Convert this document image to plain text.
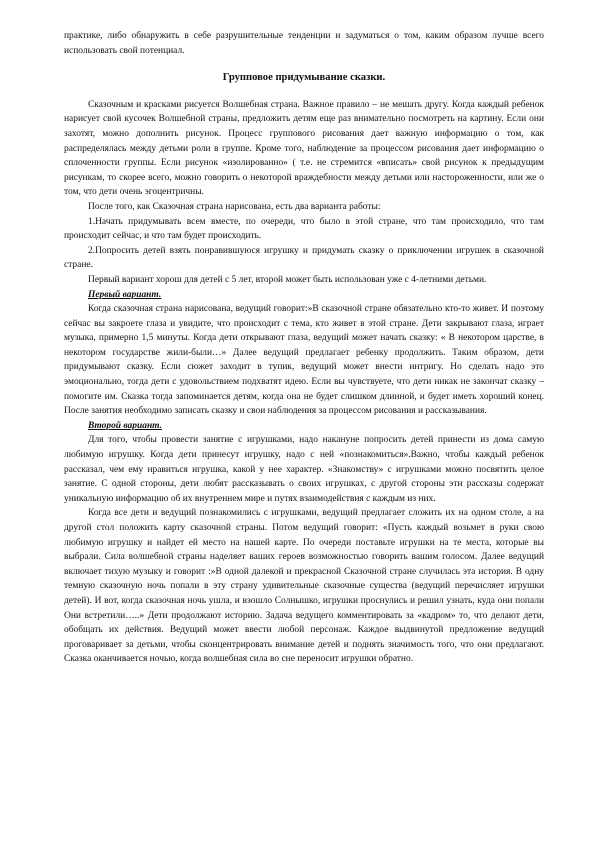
практике, либо обнаружить в себе разрушительные тенденции и задуматься о том, каким образом лучше всего использовать свой потенциал.

Групповое придумывание сказки.

Сказочным и красками рисуется Волшебная страна. Важное правило – не мешать другу. Когда каждый ребенок нарисует свой кусочек Волшебной страны, предложить детям еще раз внимательно посмотреть на картину. Если они захотят, можно дополнить рисунок. Процесс группового рисования дает важную информацию о том, как распределялась между детьми роли в группе. Кроме того, наблюдение за процессом рисования дает информацию о сплоченности группы. Если рисунок «изолированно» ( т.е. не стремится «вписать» свой рисунок к предыдущим рисункам, то скорее всего, можно говорить о некоторой враждебности между детьми или настороженности, или же о том, что дети очень эгоцентричны.

После того, как Сказочная страна нарисована, есть два варианта работы:

1.Начать придумывать всем вместе, по очереди, что было в этой стране, что там происходило, что там происходит сейчас, и что там будет происходить.

2.Попросить детей взять понравившуюся игрушку и придумать сказку о приключении игрушек в сказочной стране.

Первый вариант хорош для детей с 5 лет, второй может быть использован уже с 4-летними детьми.

Первый вариант.

Когда сказочная страна нарисована, ведущий говорит:»В сказочной стране обязательно кто-то живет. И поэтому сейчас вы закроете глаза и увидите, что происходит с тема, кто живет в этой стране. Дети закрывают глаза, играет музыка, примерно 1,5 минуты. Когда дети открывают глаза, ведущий может начать сказку: « В некотором царстве, в некотором государстве жили-были…» Далее ведущий предлагает ребенку продолжить. Таким образом, дети придумывают сказку. Если сюжет заходит в тупик, ведущий может внести интригу. Но сделать надо это эмоционально, тогда дети с удовольствием подхватят идею. Если вы чувствуете, что дети никак не закончат сказку – помогите им. Сказка тогда запоминается детям, когда она не будет слишком длинной, и будет иметь хороший конец. После занятия необходимо записать сказку и свои наблюдения за процессом рисования и рассказывания.

Второй вариант.

Для того, чтобы провести занятие с игрушками, надо накануне попросить детей принести из дома самую любимую игрушку. Когда дети принесут игрушку, надо с ней «познакомиться».Важно, чтобы каждый ребенок рассказал, чем ему нравиться игрушка, какой у нее характер. «Знакомству» с игрушками можно посвятить целое занятие. С одной стороны, дети любят рассказывать о своих игрушках, с другой стороны эти рассказы содержат уникальную информацию об их внутреннем мире и путях взаимодействия с каждым из них.

Когда все дети и ведущий познакомились с игрушками, ведущий предлагает сложить их на одном столе, а на другой стол положить карту сказочной страны. Потом ведущий говорит: «Пусть каждый возьмет в руки свою любимую игрушку и найдет ей место на нашей карте. По очереди поставьте игрушки на те места, которые вы выбрали. Сила волшебной страны наделяет ваших героев возможностью говорить вашим голосом. Далее ведущий включает тихую музыку и говорит :»В одной далекой и прекрасной Сказочной стране случилась эта история. В одну темную сказочную ночь попали в эту страну удивительные сказочные существа (ведущий перечисляет игрушки детей). И вот, когда сказочная ночь ушла, и взошло Солнышко, игрушки проснулись и решил узнать, куда они попали Они встретили…..» Дети продолжают историю. Задача ведущего комментировать за «кадром» то, что делают дети, обобщать их действия. Ведущий может ввести любой персонаж. Каждое выдвинутой предложение ведущий проговаривает за детьми, чтобы сконцентрировать внимание детей и поднять значимость того, что они предлагают. Сказка оканчивается ночью, когда волшебная сила во сне переносит игрушки обратно.
